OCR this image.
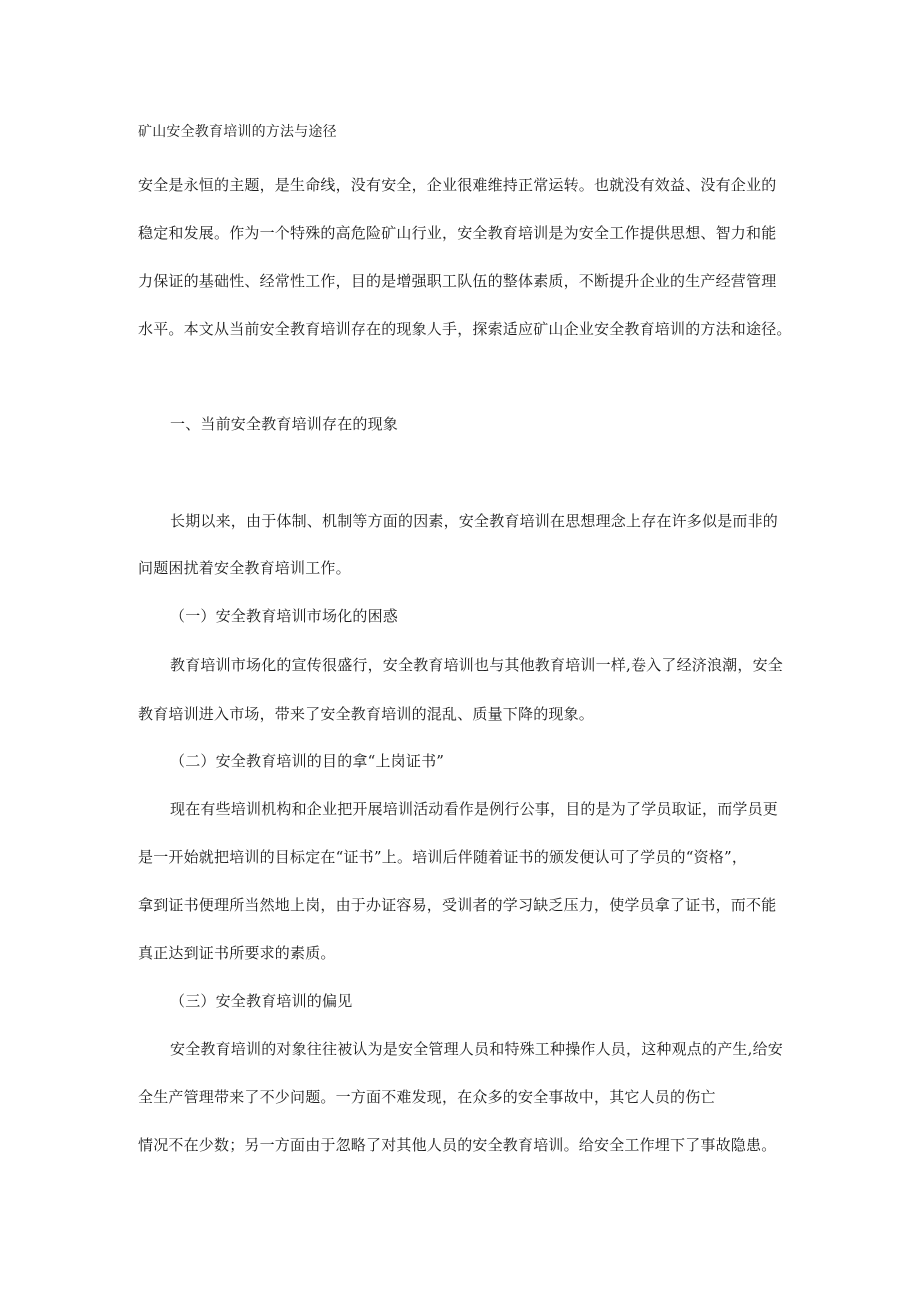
矿山安全教育培训的方法与途径
安全是永恒的主题，是生命线，没有安全，企业很难维持正常运转。也就没有效益、没有企业的
稳定和发展。作为一个特殊的高危险矿山行业，安全教育培训是为安全工作提供思想、智力和能
力保证的基础性、经常性工作，目的是增强职工队伍的整体素质，不断提升企业的生产经营管理
水平。本文从当前安全教育培训存在的现象人手，探索适应矿山企业安全教育培训的方法和途径。
一、当前安全教育培训存在的现象
长期以来，由于体制、机制等方面的因素，安全教育培训在思想理念上存在许多似是而非的
问题困扰着安全教育培训工作。
（一）安全教育培训市场化的困惑
教育培训市场化的宣传很盛行，安全教育培训也与其他教育培训一样,卷入了经济浪潮，安全
教育培训进入市场，带来了安全教育培训的混乱、质量下降的现象。
（二）安全教育培训的目的拿“上岗证书”
现在有些培训机构和企业把开展培训活动看作是例行公事，目的是为了学员取证，而学员更
是一开始就把培训的目标定在“证书”上。培训后伴随着证书的颁发便认可了学员的“资格”，
拿到证书便理所当然地上岗，由于办证容易，受训者的学习缺乏压力，使学员拿了证书，而不能
真正达到证书所要求的素质。
（三）安全教育培训的偏见
安全教育培训的对象往往被认为是安全管理人员和特殊工种操作人员，这种观点的产生,给安
全生产管理带来了不少问题。一方面不难发现，在众多的安全事故中，其它人员的伤亡
情况不在少数；另一方面由于忽略了对其他人员的安全教育培训。给安全工作埋下了事故隐患。
